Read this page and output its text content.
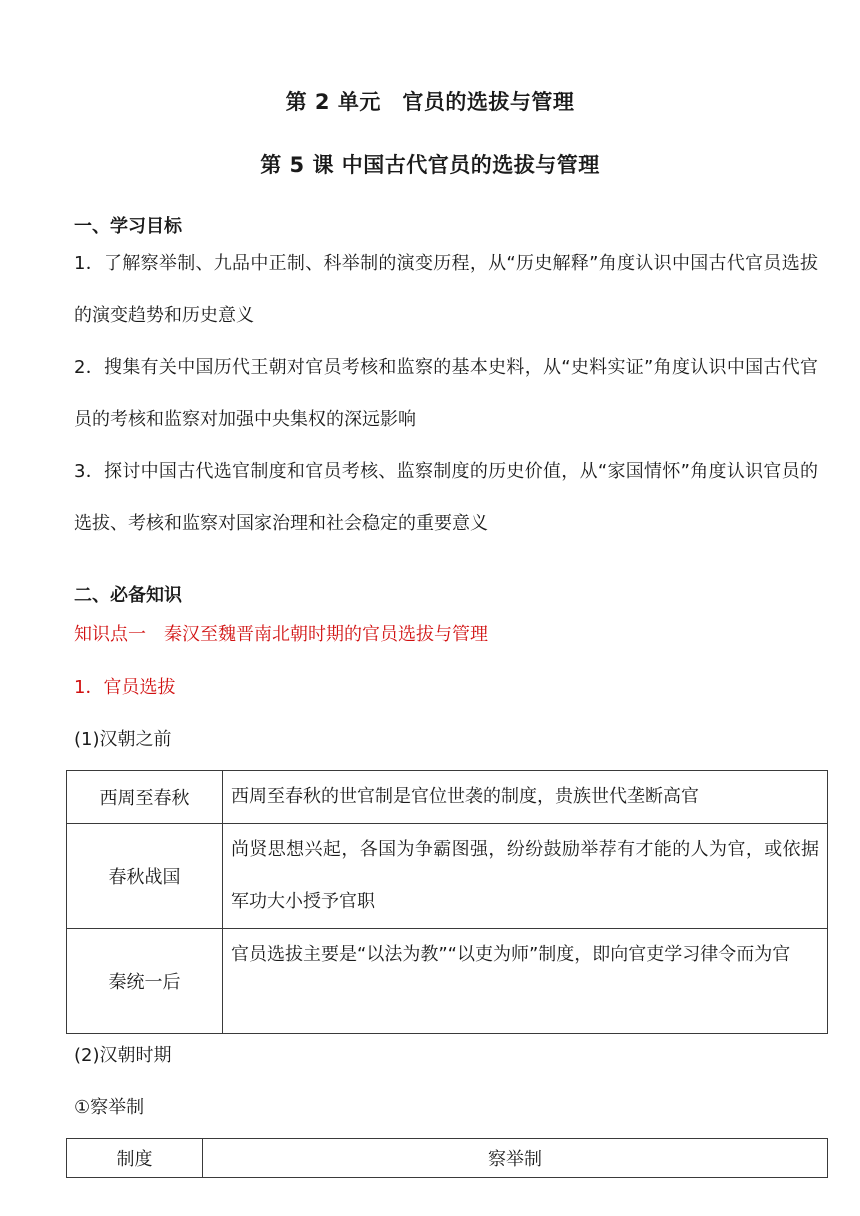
第 2 单元　官员的选拔与管理
第 5 课 中国古代官员的选拔与管理
一、学习目标
1．了解察举制、九品中正制、科举制的演变历程，从“历史解释”角度认识中国古代官员选拔的演变趋势和历史意义
2．搜集有关中国历代王朝对官员考核和监察的基本史料，从“史料实证”角度认识中国古代官员的考核和监察对加强中央集权的深远影响
3．探讨中国古代选官制度和官员考核、监察制度的历史价值，从“家国情怀”角度认识官员的选拔、考核和监察对国家治理和社会稳定的重要意义
二、必备知识
知识点一　秦汉至魏晋南北朝时期的官员选拔与管理
1．官员选拔
(1)汉朝之前
西周至春秋	西周至春秋的世官制是官位世袭的制度，贵族世代垄断高官
春秋战国	尚贤思想兴起，各国为争霸图强，纷纷鼓励举荐有才能的人为官，或依据军功大小授予官职
秦统一后	官员选拔主要是“以法为教”“以吏为师”制度，即向官吏学习律令而为官
(2)汉朝时期
①察举制
制度	察举制
